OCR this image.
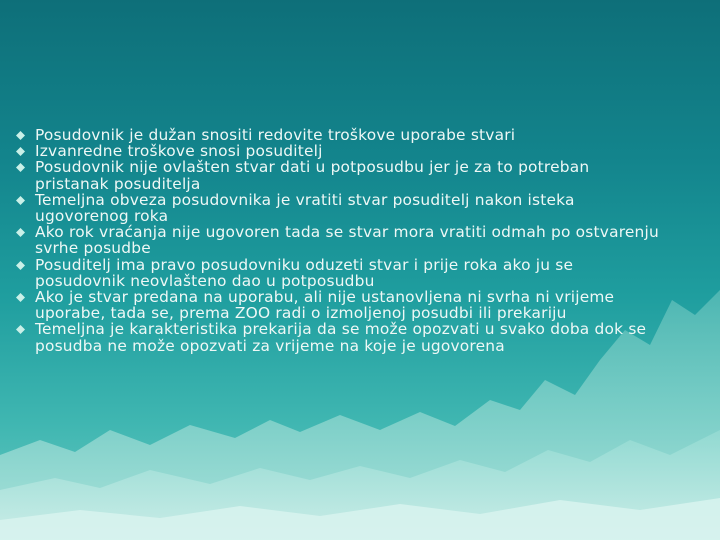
Posudovnik je dužan snositi redovite troškove uporabe stvari
Izvanredne troškove snosi posuditelj
Posudovnik nije ovlašten stvar dati u potposudbu jer je za to potreban pristanak posuditelja
Temeljna obveza posudovnika je vratiti stvar posuditelj nakon isteka ugovorenog roka
Ako rok vraćanja nije ugovoren tada se stvar mora vratiti odmah po ostvarenju svrhe posudbe
Posuditelj ima pravo posudovniku oduzeti stvar i prije roka ako ju se posudovnik neovlašteno dao u potposudbu
Ako je stvar predana na uporabu, ali nije ustanovljena ni svrha ni vrijeme uporabe, tada se, prema ZOO radi o izmoljenoj posudbi ili prekariju
Temeljna je karakteristika prekarija da se može opozvati u svako doba dok se posudba ne može opozvati za vrijeme na koje je ugovorena
